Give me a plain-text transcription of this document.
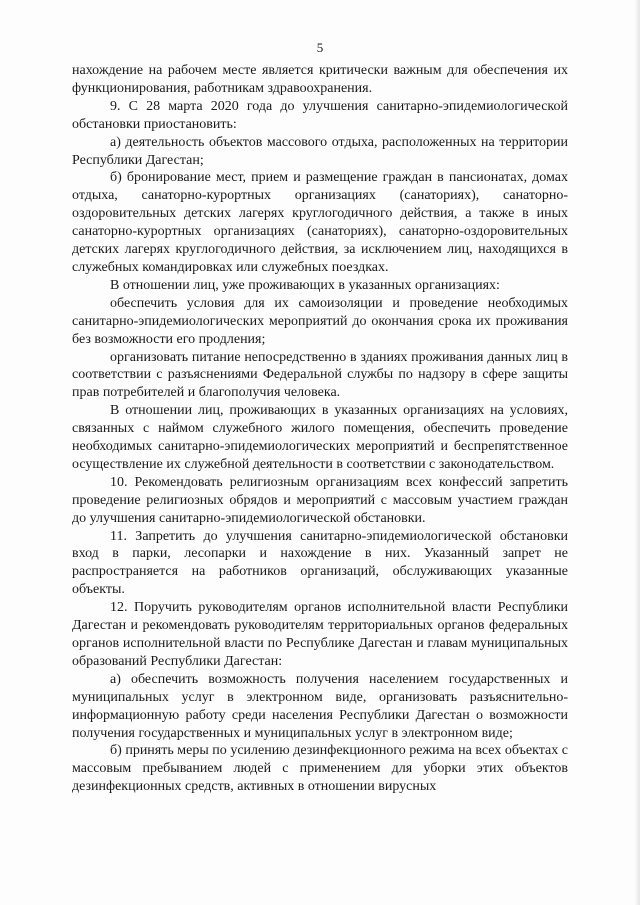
5

нахождение на рабочем месте является критически важным для обеспечения их функционирования, работникам здравоохранения.

9. С 28 марта 2020 года до улучшения санитарно-эпидемиологической обстановки приостановить:

а) деятельность объектов массового отдыха, расположенных на территории Республики Дагестан;

б) бронирование мест, прием и размещение граждан в пансионатах, домах отдыха, санаторно-курортных организациях (санаториях), санаторно-оздоровительных детских лагерях круглогодичного действия, а также в иных санаторно-курортных организациях (санаториях), санаторно-оздоровительных детских лагерях круглогодичного действия, за исключением лиц, находящихся в служебных командировках или служебных поездках.

В отношении лиц, уже проживающих в указанных организациях:

обеспечить условия для их самоизоляции и проведение необходимых санитарно-эпидемиологических мероприятий до окончания срока их проживания без возможности его продления;

организовать питание непосредственно в зданиях проживания данных лиц в соответствии с разъяснениями Федеральной службы по надзору в сфере защиты прав потребителей и благополучия человека.

В отношении лиц, проживающих в указанных организациях на условиях, связанных с наймом служебного жилого помещения, обеспечить проведение необходимых санитарно-эпидемиологических мероприятий и беспрепятственное осуществление их служебной деятельности в соответствии с законодательством.

10. Рекомендовать религиозным организациям всех конфессий запретить проведение религиозных обрядов и мероприятий с массовым участием граждан до улучшения санитарно-эпидемиологической обстановки.

11. Запретить до улучшения санитарно-эпидемиологической обстановки вход в парки, лесопарки и нахождение в них. Указанный запрет не распространяется на работников организаций, обслуживающих указанные объекты.

12. Поручить руководителям органов исполнительной власти Республики Дагестан и рекомендовать руководителям территориальных органов федеральных органов исполнительной власти по Республике Дагестан и главам муниципальных образований Республики Дагестан:

а) обеспечить возможность получения населением государственных и муниципальных услуг в электронном виде, организовать разъяснительно-информационную работу среди населения Республики Дагестан о возможности получения государственных и муниципальных услуг в электронном виде;

б) принять меры по усилению дезинфекционного режима на всех объектах с массовым пребыванием людей с применением для уборки этих объектов дезинфекционных средств, активных в отношении вирусных
